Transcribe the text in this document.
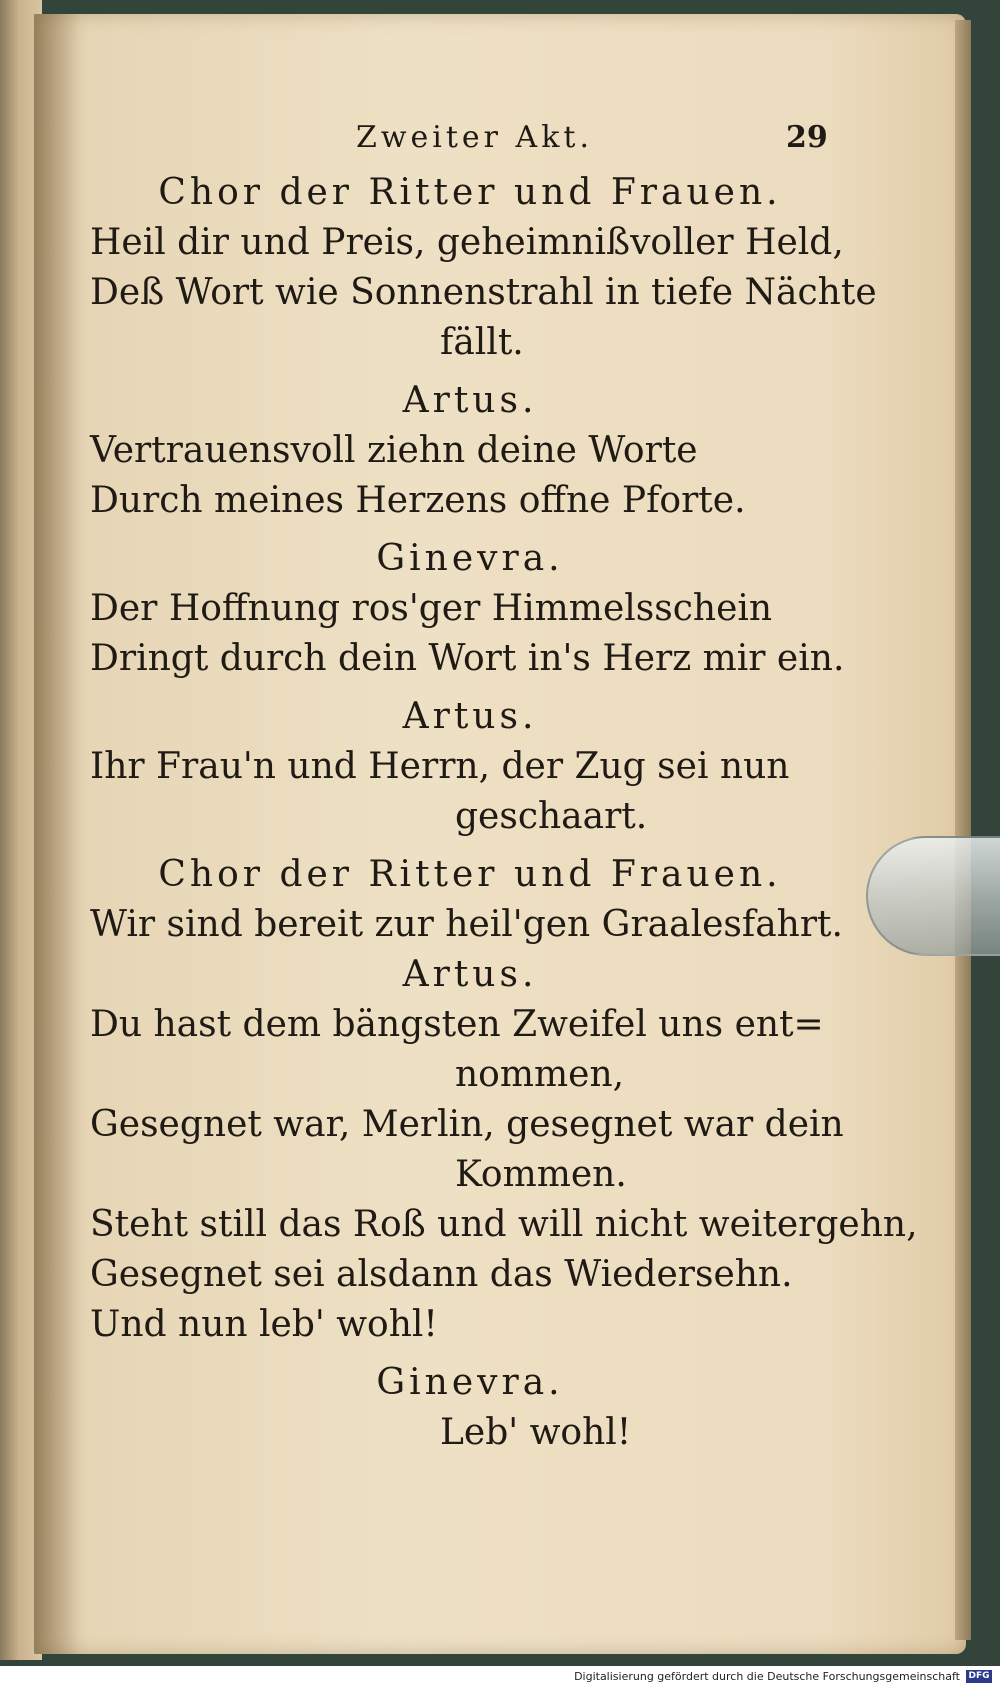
Zweiter Akt.	29
Chor der Ritter und Frauen.
Heil dir und Preis, geheimnißvoller Held,
Deß Wort wie Sonnenstrahl in tiefe Nächte
fällt.
Artus.
Vertrauensvoll ziehn deine Worte
Durch meines Herzens offne Pforte.
Ginevra.
Der Hoffnung ros'ger Himmelsschein
Dringt durch dein Wort in's Herz mir ein.
Artus.
Ihr Frau'n und Herrn, der Zug sei nun
geschaart.
Chor der Ritter und Frauen.
Wir sind bereit zur heil'gen Graalesfahrt.
Artus.
Du hast dem bängsten Zweifel uns ent=
nommen,
Gesegnet war, Merlin, gesegnet war dein
Kommen.
Steht still das Roß und will nicht weitergehn,
Gesegnet sei alsdann das Wiedersehn.
Und nun leb' wohl!
Ginevra.
Leb' wohl!
Digitalisierung gefördert durch die Deutsche Forschungsgemeinschaft DFG
